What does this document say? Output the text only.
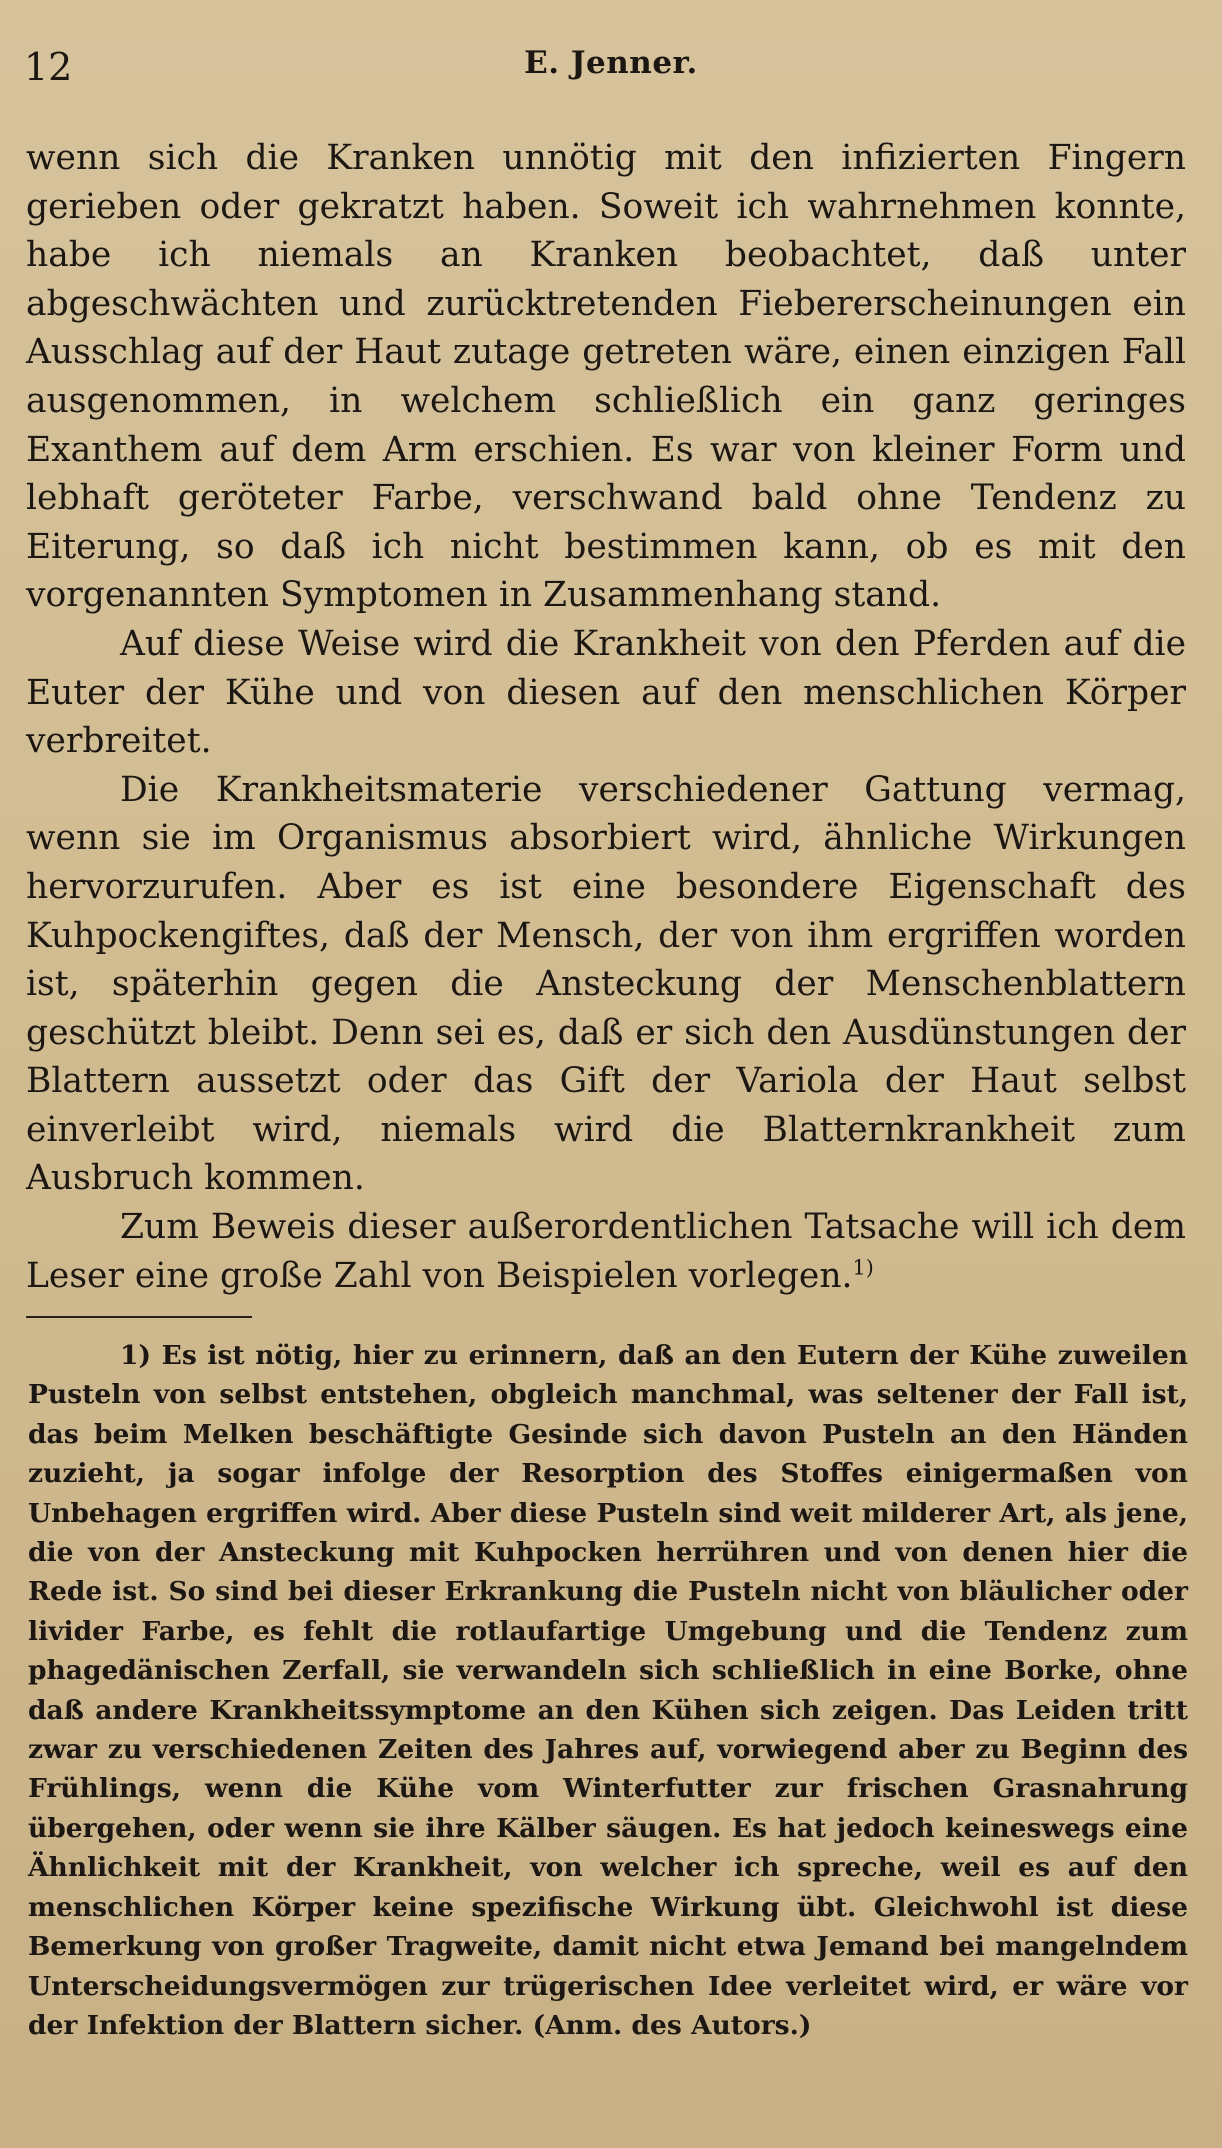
12	E. Jenner.

wenn sich die Kranken unnötig mit den infizierten Fingern gerieben oder gekratzt haben. Soweit ich wahrnehmen konnte, habe ich niemals an Kranken beobachtet, daß unter abgeschwächten und zurücktretenden Fiebererscheinungen ein Ausschlag auf der Haut zutage getreten wäre, einen einzigen Fall ausgenommen, in welchem schließlich ein ganz geringes Exanthem auf dem Arm erschien. Es war von kleiner Form und lebhaft geröteter Farbe, verschwand bald ohne Tendenz zu Eiterung, so daß ich nicht bestimmen kann, ob es mit den vorgenannten Symptomen in Zusammenhang stand.

Auf diese Weise wird die Krankheit von den Pferden auf die Euter der Kühe und von diesen auf den menschlichen Körper verbreitet.

Die Krankheitsmaterie verschiedener Gattung vermag, wenn sie im Organismus absorbiert wird, ähnliche Wirkungen hervorzurufen. Aber es ist eine besondere Eigenschaft des Kuhpockengiftes, daß der Mensch, der von ihm ergriffen worden ist, späterhin gegen die Ansteckung der Menschenblattern geschützt bleibt. Denn sei es, daß er sich den Ausdünstungen der Blattern aussetzt oder das Gift der Variola der Haut selbst einverleibt wird, niemals wird die Blatternkrankheit zum Ausbruch kommen.

Zum Beweis dieser außerordentlichen Tatsache will ich dem Leser eine große Zahl von Beispielen vorlegen.$^{1)}$

1) Es ist nötig, hier zu erinnern, daß an den Eutern der Kühe zuweilen Pusteln von selbst entstehen, obgleich manchmal, was seltener der Fall ist, das beim Melken beschäftigte Gesinde sich davon Pusteln an den Händen zuzieht, ja sogar infolge der Resorption des Stoffes einigermaßen von Unbehagen ergriffen wird. Aber diese Pusteln sind weit milderer Art, als jene, die von der Ansteckung mit Kuhpocken herrühren und von denen hier die Rede ist. So sind bei dieser Erkrankung die Pusteln nicht von bläulicher oder livider Farbe, es fehlt die rotlaufartige Umgebung und die Tendenz zum phagedänischen Zerfall, sie verwandeln sich schließlich in eine Borke, ohne daß andere Krankheitssymptome an den Kühen sich zeigen. Das Leiden tritt zwar zu verschiedenen Zeiten des Jahres auf, vorwiegend aber zu Beginn des Frühlings, wenn die Kühe vom Winterfutter zur frischen Grasnahrung übergehen, oder wenn sie ihre Kälber säugen. Es hat jedoch keineswegs eine Ähnlichkeit mit der Krankheit, von welcher ich spreche, weil es auf den menschlichen Körper keine spezifische Wirkung übt. Gleichwohl ist diese Bemerkung von großer Tragweite, damit nicht etwa Jemand bei mangelndem Unterscheidungsvermögen zur trügerischen Idee verleitet wird, er wäre vor der Infektion der Blattern sicher. (Anm. des Autors.)
